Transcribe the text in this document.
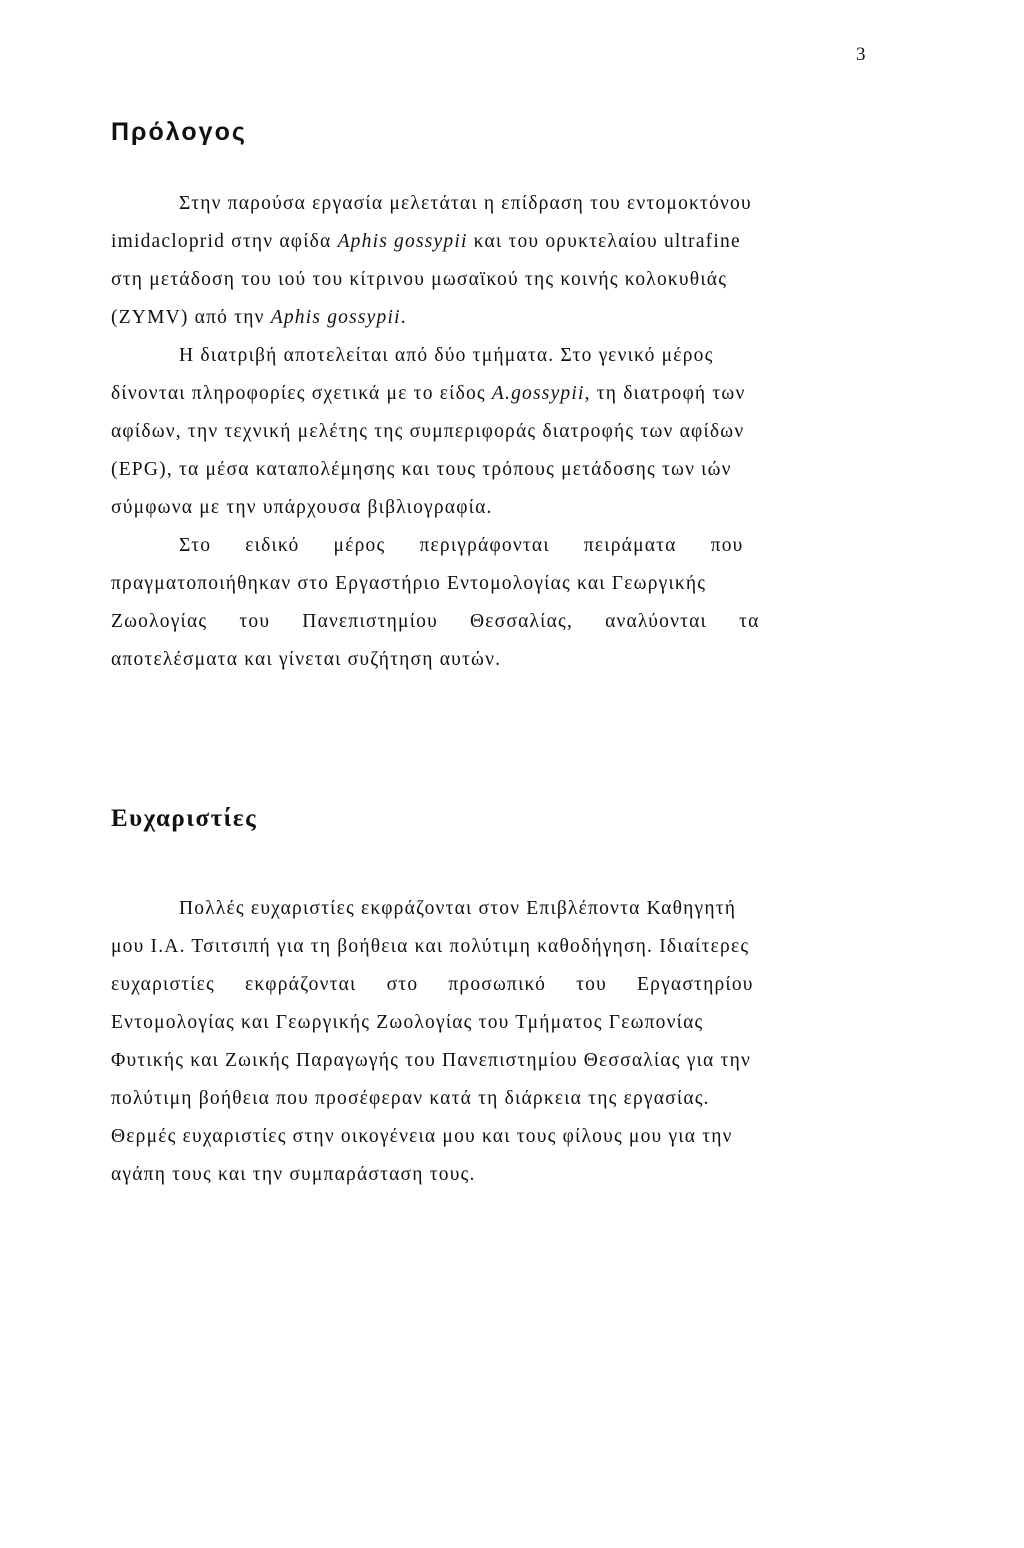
3
Πρόλογος
Στην παρούσα εργασία μελετάται η επίδραση του εντομοκτόνου
imidacloprid στην αφίδα Aphis gossypii και του ορυκτελαίου ultrafine
στη μετάδοση του ιού του κίτρινου μωσαϊκού της κοινής κολοκυθιάς
(ZYMV) από την Aphis gossypii.
Η διατριβή αποτελείται από δύο τμήματα. Στο γενικό μέρος
δίνονται πληροφορίες σχετικά με το είδος A.gossypii, τη διατροφή των
αφίδων, την τεχνική μελέτης της συμπεριφοράς διατροφής των αφίδων
(EPG), τα μέσα καταπολέμησης και τους τρόπους μετάδοσης των ιών
σύμφωνα με την υπάρχουσα βιβλιογραφία.
Στο ειδικό μέρος περιγράφονται πειράματα που
πραγματοποιήθηκαν στο Εργαστήριο Εντομολογίας και Γεωργικής
Ζωολογίας του Πανεπιστημίου Θεσσαλίας, αναλύονται τα
αποτελέσματα και γίνεται συζήτηση αυτών.
Ευχαριστίες
Πολλές ευχαριστίες εκφράζονται στον Επιβλέποντα Καθηγητή
μου Ι.Α. Τσιτσιπή για τη βοήθεια και πολύτιμη καθοδήγηση. Ιδιαίτερες
ευχαριστίες εκφράζονται στο προσωπικό του Εργαστηρίου
Εντομολογίας και Γεωργικής Ζωολογίας του Τμήματος Γεωπονίας
Φυτικής και Ζωικής Παραγωγής του Πανεπιστημίου Θεσσαλίας για την
πολύτιμη βοήθεια που προσέφεραν κατά τη διάρκεια της εργασίας.
Θερμές ευχαριστίες στην οικογένεια μου και τους φίλους μου για την
αγάπη τους και την συμπαράσταση τους.
